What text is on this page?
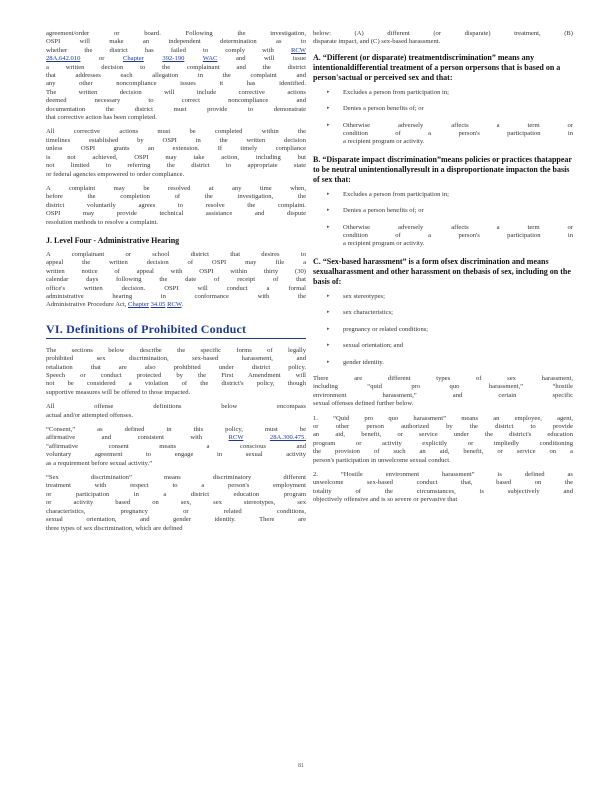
agreement/order or board. Following the investigation,
OSPI will make an independent determination as to
whether the district has failed to comply with RCW
28A.642.010 or Chapter	392-190	WAC and will issue
a written decision to the complainant and the district
that addresses each allegation in the complaint and
any other noncompliance issues it has identified.
The written decision will include corrective actions
deemed necessary to correct noncompliance and
documentation the district must provide to demonstrate
that corrective action has been completed.
All corrective actions must be completed within the
timelines established by OSPI in the written decision
unless OSPI grants an extension. If timely compliance
is not achieved, OSPI may take action, including but
not limited to referring the district to appropriate state
or federal agencies empowered to order compliance.
A complaint may be resolved at any time when,
before the completion of the investigation, the
district voluntarily agrees to resolve the complaint.
OSPI may provide technical assistance and dispute
resolution methods to resolve a complaint.
J. Level Four - Administrative Hearing
A complainant or school district that desires to
appeal the written decision of OSPI may file a
written notice of appeal with OSPI within thirty (30)
calendar days following the date of receipt of that
office's written decision. OSPI will conduct a formal
administrative hearing in conformance with the
Administrative Procedure Act, Chapter 34.05 RCW.
VI. Definitions of Prohibited Conduct
The sections below describe the specific forms of legally
prohibited sex discrimination, sex-based harassment, and
retaliation that are also prohibited under district policy.
Speech or conduct protected by the First Amendment will
not be considered a violation of the district's policy, though
supportive measures will be offered to those impacted.
All offense definitions below encompass
actual and/or attempted offenses.
“Consent,” as defined in this policy, must be
affirmative and consistent with RCW	28A.300.475.
“affirmative consent means a conscious and
voluntary agreement to engage in sexual activity
as a requirement before sexual activity.”
“Sex discrimination” means discriminatory different
treatment with respect to a person's employment
or participation in a district education program
or activity based on sex, sex stereotypes, sex
characteristics, pregnancy or related conditions,
sexual orientation, and gender identity. There are
three types of sex discrimination, which are defined
below: (A) different (or disparate) treatment, (B)
disparate impact, and (C) sex-based harassment.
A. “Different (or disparate) treatmentdiscrimination” means any intentionaldifferential treatment of a person orpersons that is based on a person'sactual or perceived sex and that:
▸ Excludes a person from participation in;
▸ Denies a person benefits of; or
▸ Otherwise adversely affects a term or
condition of a person's participation in
a recipient program or activity.
B. “Disparate impact discrimination”means policies or practices thatappear to be neutral unintentionallyresult in a disproportionate impacton the basis of sex that:
▸ Excludes a person from participation in;
▸ Denies a person benefits of; or
▸ Otherwise adversely affects a term or
condition of a person's participation in
a recipient program or activity.
C. “Sex-based harassment” is a form ofsex discrimination and means sexualharassment and other harassment on thebasis of sex, including on the basis of:
▸ sex stereotypes;
▸ sex characteristics;
▸ pregnancy or related conditions;
▸ sexual orientation; and
▸ gender identity.
There are different types of sex harassment,
including “quid pro quo harassment,” “hostile
environment harassment,” and certain specific
sexual offenses defined further below.
1. “Quid pro quo harassment” means an employee, agent,
or other person authorized by the district to provide
an aid, benefit, or service under the district's education
program or activity explicitly or impliedly conditioning
the provision of such an aid, benefit, or service on a
person's participation in unwelcome sexual conduct.
2. “Hostile environment harassment” is defined as
unwelcome sex-based conduct that, based on the
totality of the circumstances, is subjectively and
objectively offensive and is so severe or pervasive that
81
